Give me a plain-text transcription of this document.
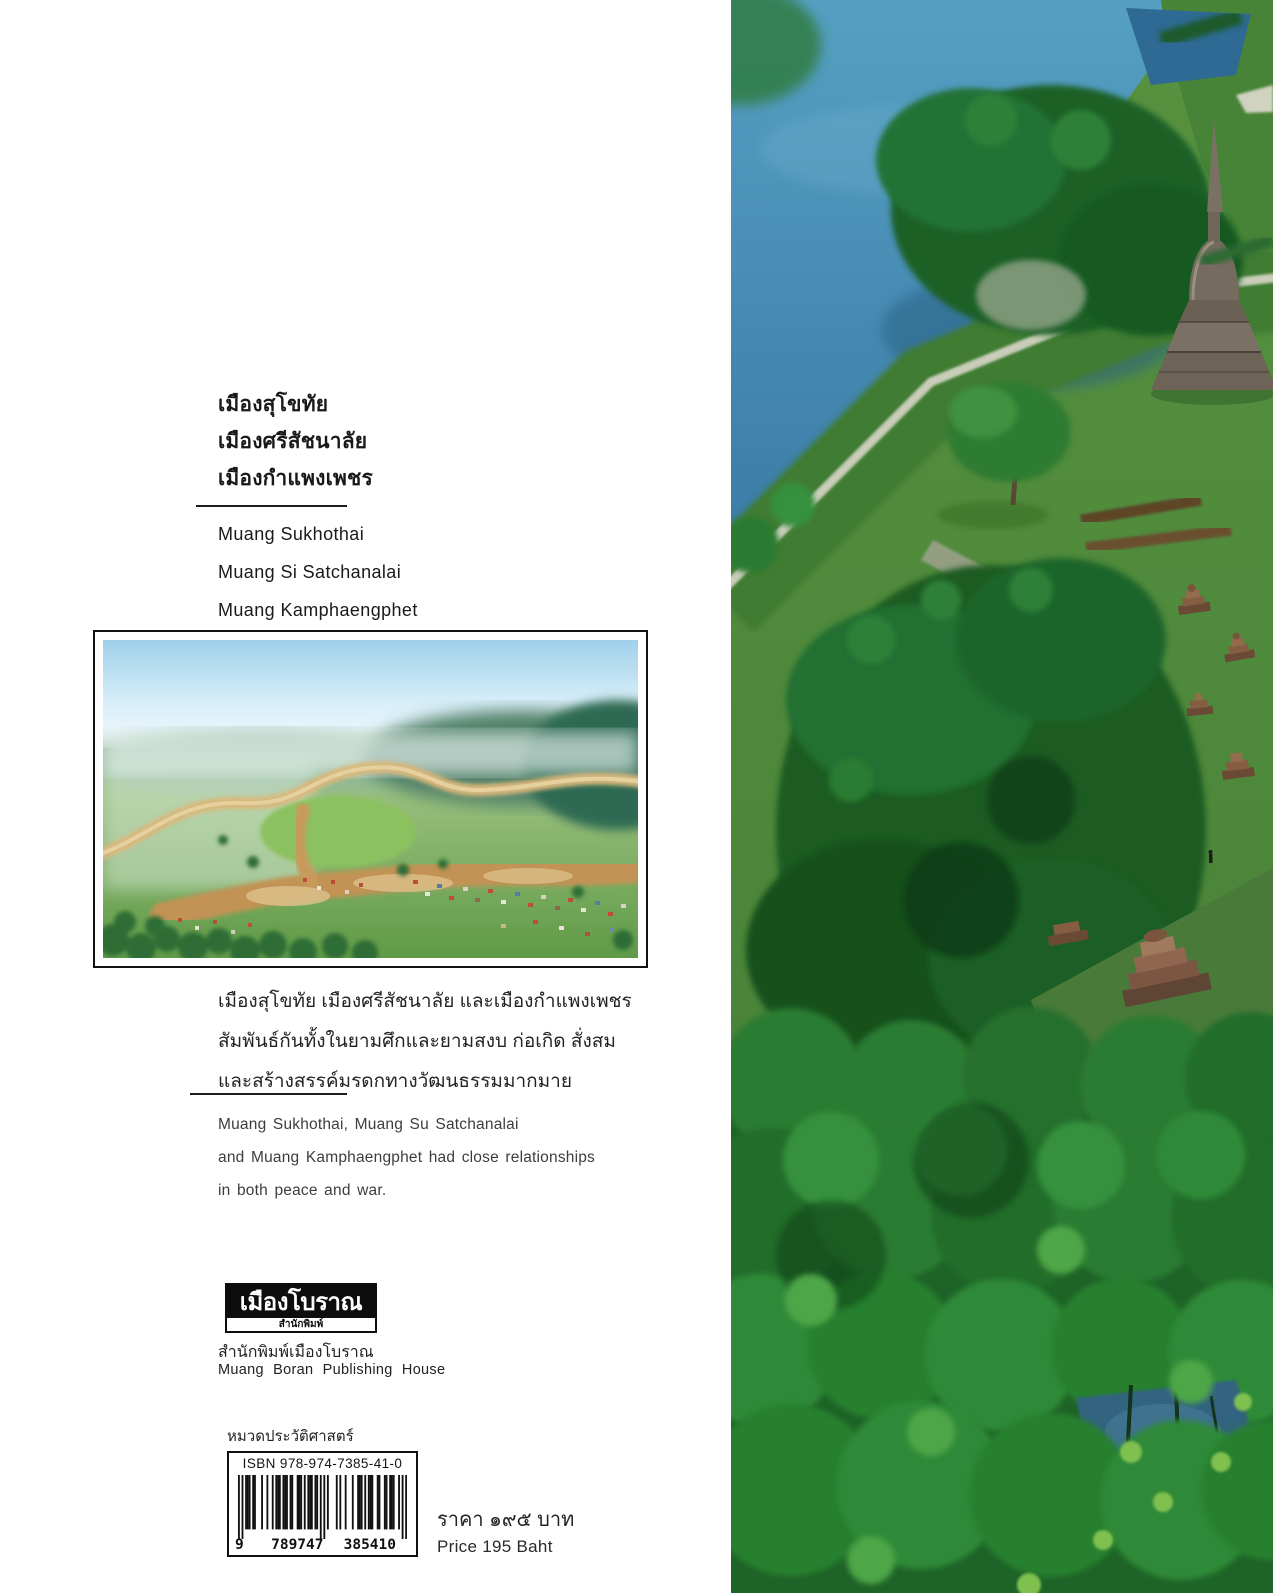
เมืองสุโขทัย
เมืองศรีสัชนาลัย
เมืองกำแพงเพชร
Muang Sukhothai
Muang Si Satchanalai
Muang Kamphaengphet
เมืองสุโขทัย เมืองศรีสัชนาลัย และเมืองกำแพงเพชร
สัมพันธ์กันทั้งในยามศึกและยามสงบ ก่อเกิด สั่งสม
และสร้างสรรค์มรดกทางวัฒนธรรมมากมาย
Muang Sukhothai, Muang Su Satchanalai
and Muang Kamphaengphet had close relationships
in both peace and war.
เมืองโบราณ
สำนักพิมพ์
สำนักพิมพ์เมืองโบราณ
Muang Boran Publishing House
หมวดประวัติศาสตร์
ISBN 978-974-7385-41-0
9 789747 385410
ราคา ๑๙๕ บาท
Price 195 Baht
